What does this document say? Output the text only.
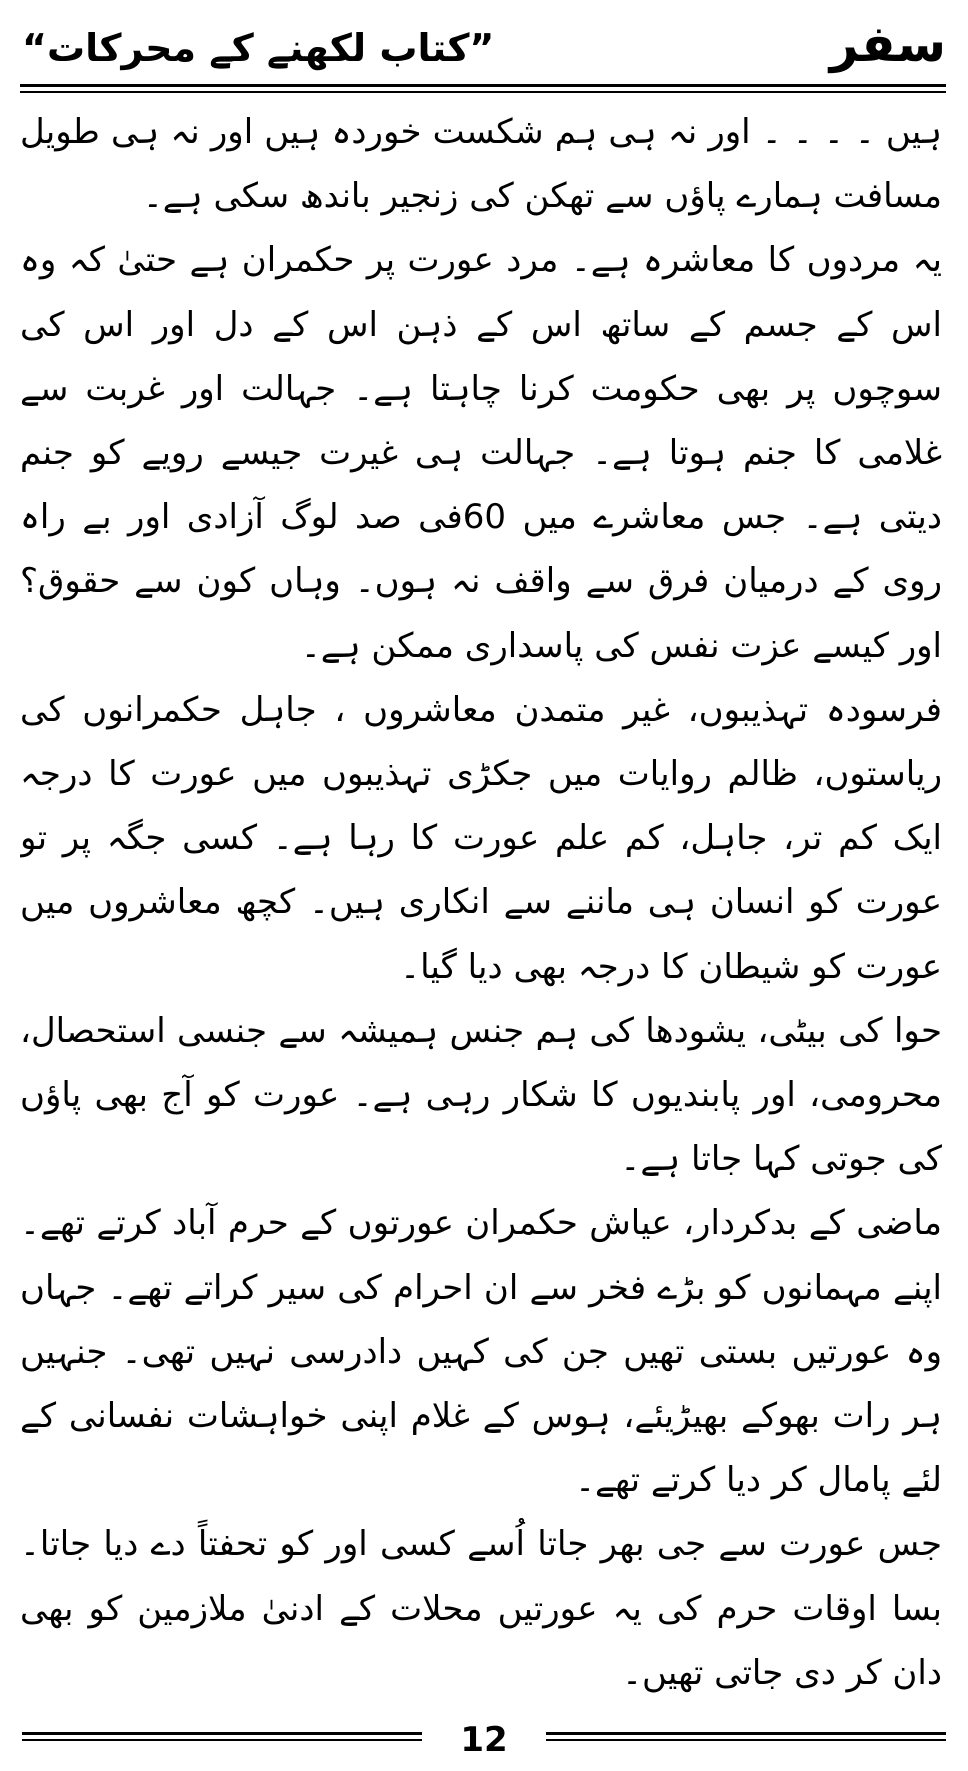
سفر
”کتاب لکھنے کے محرکات“

ہیں ۔ ۔ ۔ ۔ اور نہ ہی ہم شکست خوردہ ہیں اور نہ ہی طویل مسافت ہمارے پاؤں سے تھکن کی زنجیر باندھ سکی ہے۔

یہ مردوں کا معاشرہ ہے۔ مرد عورت پر حکمران ہے حتیٰ کہ وہ اس کے جسم کے ساتھ اس کے ذہن اس کے دل اور اس کی سوچوں پر بھی حکومت کرنا چاہتا ہے۔ جہالت اور غربت سے غلامی کا جنم ہوتا ہے۔ جہالت ہی غیرت جیسے رویے کو جنم دیتی ہے۔ جس معاشرے میں 60فی صد لوگ آزادی اور بے راہ روی کے درمیان فرق سے واقف نہ ہوں۔ وہاں کون سے حقوق؟ اور کیسے عزت نفس کی پاسداری ممکن ہے۔

فرسودہ تہذیبوں، غیر متمدن معاشروں ، جاہل حکمرانوں کی ریاستوں، ظالم روایات میں جکڑی تہذیبوں میں عورت کا درجہ ایک کم تر، جاہل، کم علم عورت کا رہا ہے۔ کسی جگہ پر تو عورت کو انسان ہی ماننے سے انکاری ہیں۔ کچھ معاشروں میں عورت کو شیطان کا درجہ بھی دیا گیا۔

حوا کی بیٹی، یشودھا کی ہم جنس ہمیشہ سے جنسی استحصال، محرومی، اور پابندیوں کا شکار رہی ہے۔ عورت کو آج بھی پاؤں کی جوتی کہا جاتا ہے۔

ماضی کے بدکردار، عیاش حکمران عورتوں کے حرم آباد کرتے تھے۔ اپنے مہمانوں کو بڑے فخر سے ان احرام کی سیر کراتے تھے۔ جہاں وہ عورتیں بستی تھیں جن کی کہیں دادرسی نہیں تھی۔ جنہیں ہر رات بھوکے بھیڑیئے، ہوس کے غلام اپنی خواہشات نفسانی کے لئے پامال کر دیا کرتے تھے۔

جس عورت سے جی بھر جاتا اُسے کسی اور کو تحفتاً دے دیا جاتا۔ بسا اوقات حرم کی یہ عورتیں محلات کے ادنیٰ ملازمین کو بھی دان کر دی جاتی تھیں۔

12
